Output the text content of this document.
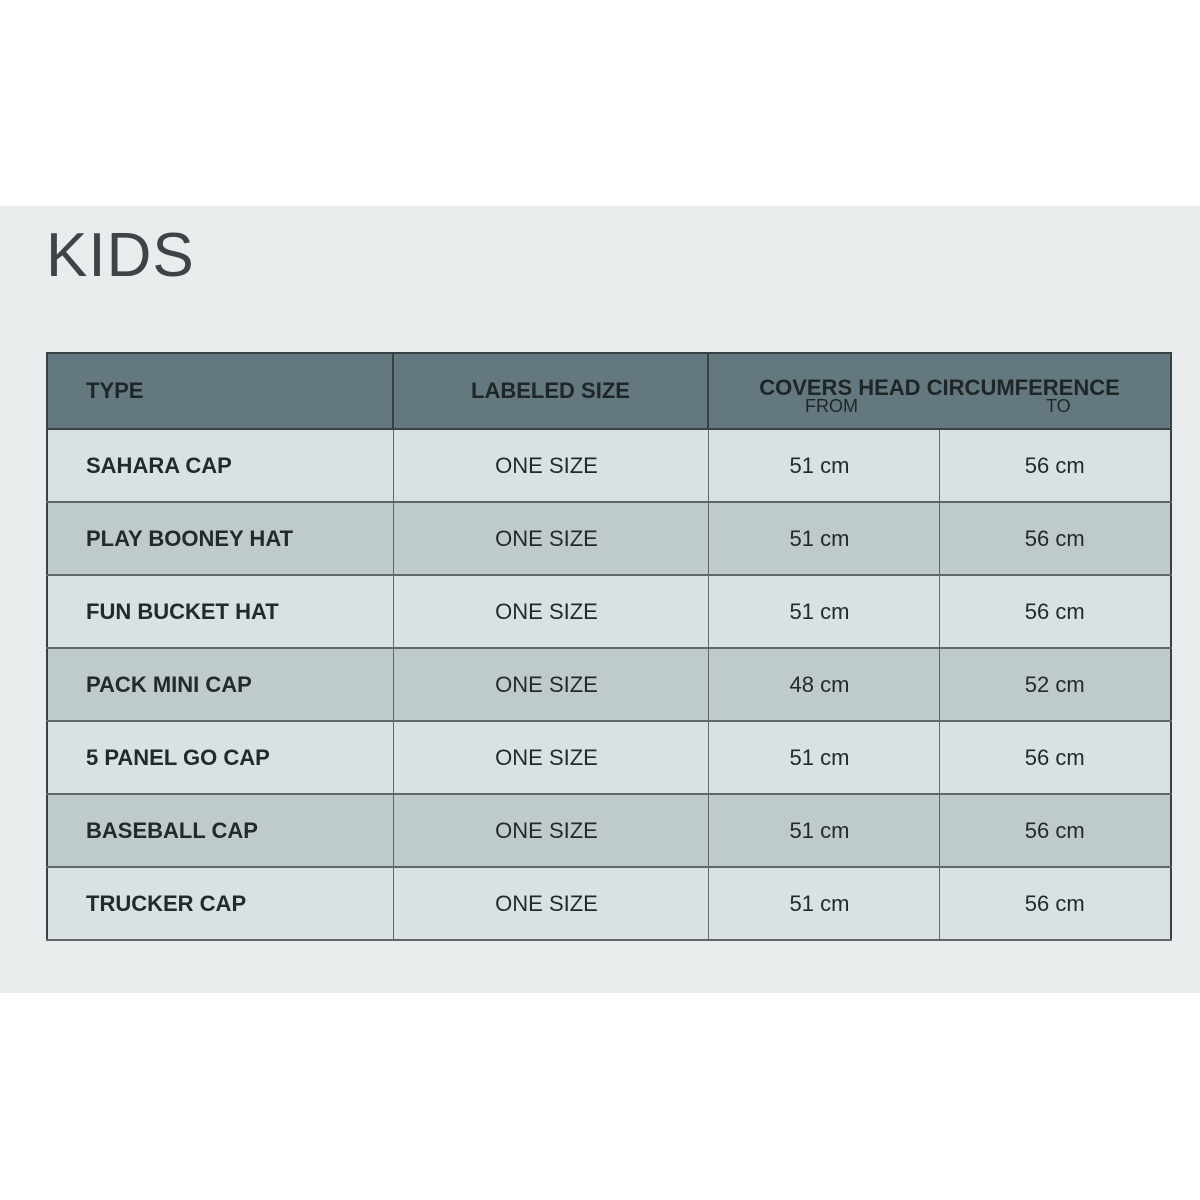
KIDS
TYPE	LABELED SIZE	COVERS HEAD CIRCUMFERENCE
FROM TO	

SAHARA CAP	ONE SIZE	51 cm	56 cm
PLAY BOONEY HAT	ONE SIZE	51 cm	56 cm
FUN BUCKET HAT	ONE SIZE	51 cm	56 cm
PACK MINI CAP	ONE SIZE	48 cm	52 cm
5 PANEL GO CAP	ONE SIZE	51 cm	56 cm
BASEBALL CAP	ONE SIZE	51 cm	56 cm
TRUCKER CAP	ONE SIZE	51 cm	56 cm
